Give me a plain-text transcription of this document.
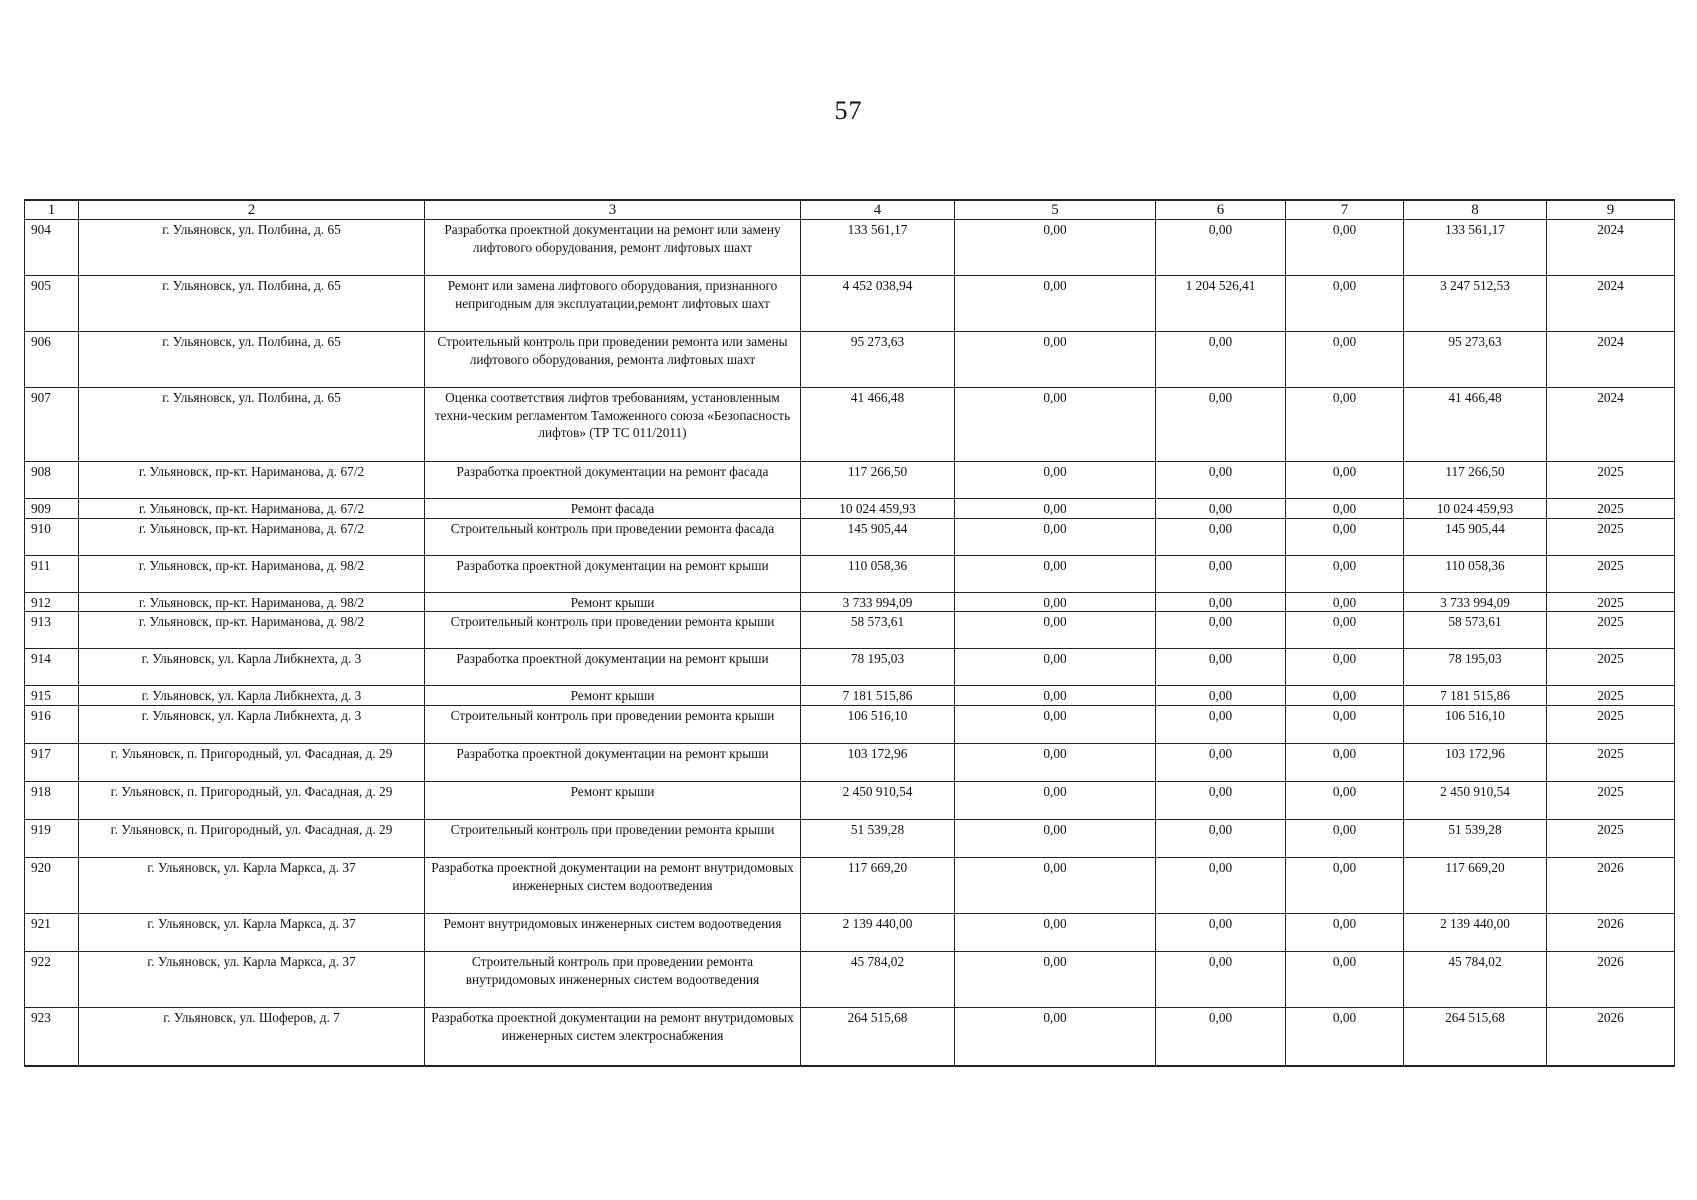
57
1	2	3	4	5	6	7	8	9
904	г. Ульяновск, ул. Полбина, д. 65	Разработка проектной документации на ремонт или замену лифтового оборудования, ремонт лифтовых шахт	133 561,17	0,00	0,00	0,00	133 561,17	2024
905	г. Ульяновск, ул. Полбина, д. 65	Ремонт или замена лифтового оборудования, признанного непригодным для эксплуатации,ремонт лифтовых шахт	4 452 038,94	0,00	1 204 526,41	0,00	3 247 512,53	2024
906	г. Ульяновск, ул. Полбина, д. 65	Строительный контроль при проведении ремонта или замены лифтового оборудования, ремонта лифтовых шахт	95 273,63	0,00	0,00	0,00	95 273,63	2024
907	г. Ульяновск, ул. Полбина, д. 65	Оценка соответствия лифтов требованиям, установленным техни-ческим регламентом Таможенного союза «Безопасность лифтов» (ТР ТС 011/2011)	41 466,48	0,00	0,00	0,00	41 466,48	2024
908	г. Ульяновск, пр-кт. Нариманова, д. 67/2	Разработка проектной документации на ремонт фасада	117 266,50	0,00	0,00	0,00	117 266,50	2025
909	г. Ульяновск, пр-кт. Нариманова, д. 67/2	Ремонт фасада	10 024 459,93	0,00	0,00	0,00	10 024 459,93	2025
910	г. Ульяновск, пр-кт. Нариманова, д. 67/2	Строительный контроль при проведении ремонта фасада	145 905,44	0,00	0,00	0,00	145 905,44	2025
911	г. Ульяновск, пр-кт. Нариманова, д. 98/2	Разработка проектной документации на ремонт крыши	110 058,36	0,00	0,00	0,00	110 058,36	2025
912	г. Ульяновск, пр-кт. Нариманова, д. 98/2	Ремонт крыши	3 733 994,09	0,00	0,00	0,00	3 733 994,09	2025
913	г. Ульяновск, пр-кт. Нариманова, д. 98/2	Строительный контроль при проведении ремонта крыши	58 573,61	0,00	0,00	0,00	58 573,61	2025
914	г. Ульяновск, ул. Карла Либкнехта, д. 3	Разработка проектной документации на ремонт крыши	78 195,03	0,00	0,00	0,00	78 195,03	2025
915	г. Ульяновск, ул. Карла Либкнехта, д. 3	Ремонт крыши	7 181 515,86	0,00	0,00	0,00	7 181 515,86	2025
916	г. Ульяновск, ул. Карла Либкнехта, д. 3	Строительный контроль при проведении ремонта крыши	106 516,10	0,00	0,00	0,00	106 516,10	2025
917	г. Ульяновск, п. Пригородный, ул. Фасадная, д. 29	Разработка проектной документации на ремонт крыши	103 172,96	0,00	0,00	0,00	103 172,96	2025
918	г. Ульяновск, п. Пригородный, ул. Фасадная, д. 29	Ремонт крыши	2 450 910,54	0,00	0,00	0,00	2 450 910,54	2025
919	г. Ульяновск, п. Пригородный, ул. Фасадная, д. 29	Строительный контроль при проведении ремонта крыши	51 539,28	0,00	0,00	0,00	51 539,28	2025
920	г. Ульяновск, ул. Карла Маркса, д. 37	Разработка проектной документации на ремонт внутридомовых инженерных систем водоотведения	117 669,20	0,00	0,00	0,00	117 669,20	2026
921	г. Ульяновск, ул. Карла Маркса, д. 37	Ремонт внутридомовых инженерных систем водоотведения	2 139 440,00	0,00	0,00	0,00	2 139 440,00	2026
922	г. Ульяновск, ул. Карла Маркса, д. 37	Строительный контроль при проведении ремонта внутридомовых инженерных систем водоотведения	45 784,02	0,00	0,00	0,00	45 784,02	2026
923	г. Ульяновск, ул. Шоферов, д. 7	Разработка проектной документации на ремонт внутридомовых инженерных систем электроснабжения	264 515,68	0,00	0,00	0,00	264 515,68	2026
